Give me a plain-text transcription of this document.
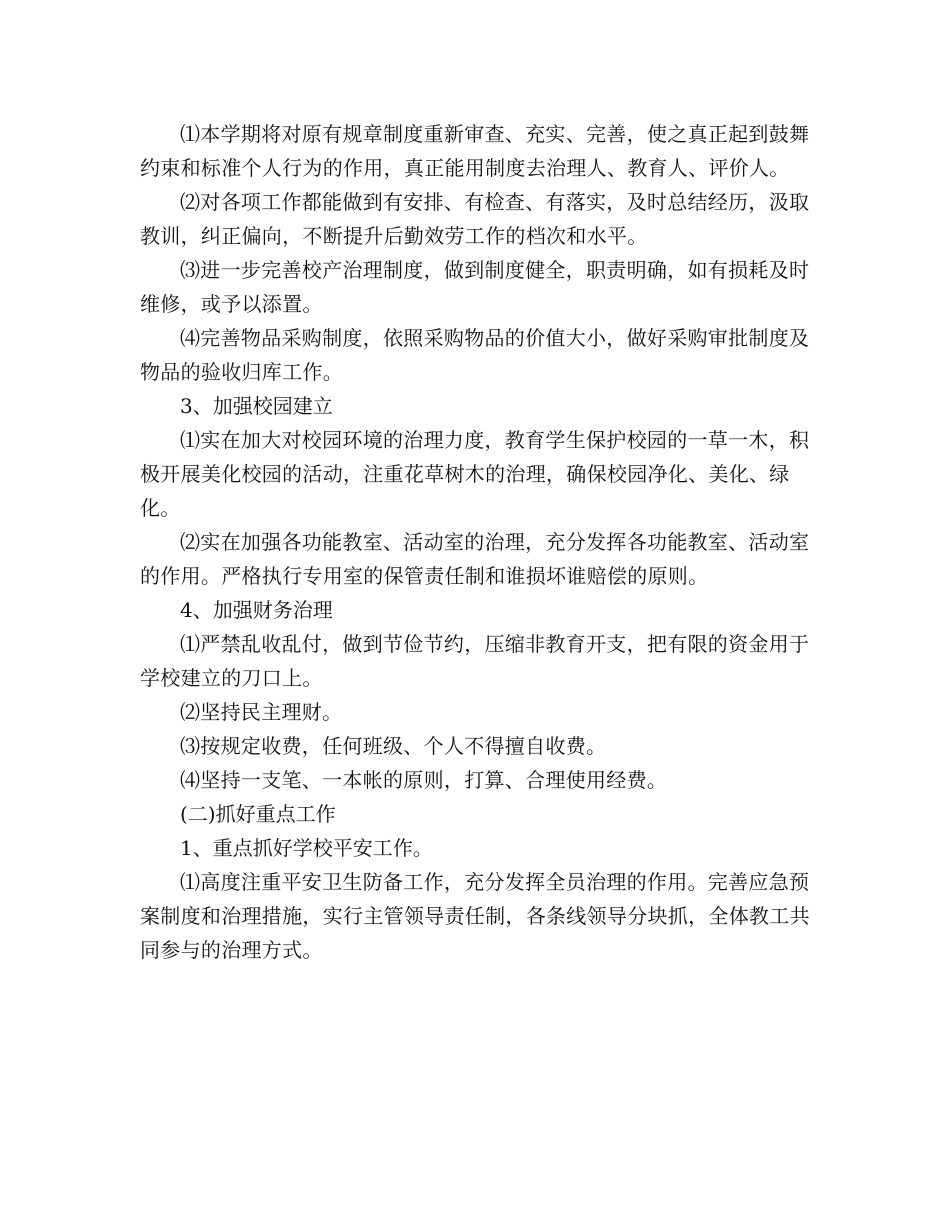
⑴本学期将对原有规章制度重新审查、充实、完善，使之真正起到鼓舞约束和标准个人行为的作用，真正能用制度去治理人、教育人、评价人。

⑵对各项工作都能做到有安排、有检查、有落实，及时总结经历，汲取教训，纠正偏向，不断提升后勤效劳工作的档次和水平。

⑶进一步完善校产治理制度，做到制度健全，职责明确，如有损耗及时维修，或予以添置。

⑷完善物品采购制度，依照采购物品的价值大小，做好采购审批制度及物品的验收归库工作。

3、加强校园建立

⑴实在加大对校园环境的治理力度，教育学生保护校园的一草一木，积极开展美化校园的活动，注重花草树木的治理，确保校园净化、美化、绿化。

⑵实在加强各功能教室、活动室的治理，充分发挥各功能教室、活动室的作用。严格执行专用室的保管责任制和谁损坏谁赔偿的原则。

4、加强财务治理

⑴严禁乱收乱付，做到节俭节约，压缩非教育开支，把有限的资金用于学校建立的刀口上。

⑵坚持民主理财。

⑶按规定收费，任何班级、个人不得擅自收费。

⑷坚持一支笔、一本帐的原则，打算、合理使用经费。

(二)抓好重点工作

1、重点抓好学校平安工作。

⑴高度注重平安卫生防备工作，充分发挥全员治理的作用。完善应急预案制度和治理措施，实行主管领导责任制，各条线领导分块抓，全体教工共同参与的治理方式。
